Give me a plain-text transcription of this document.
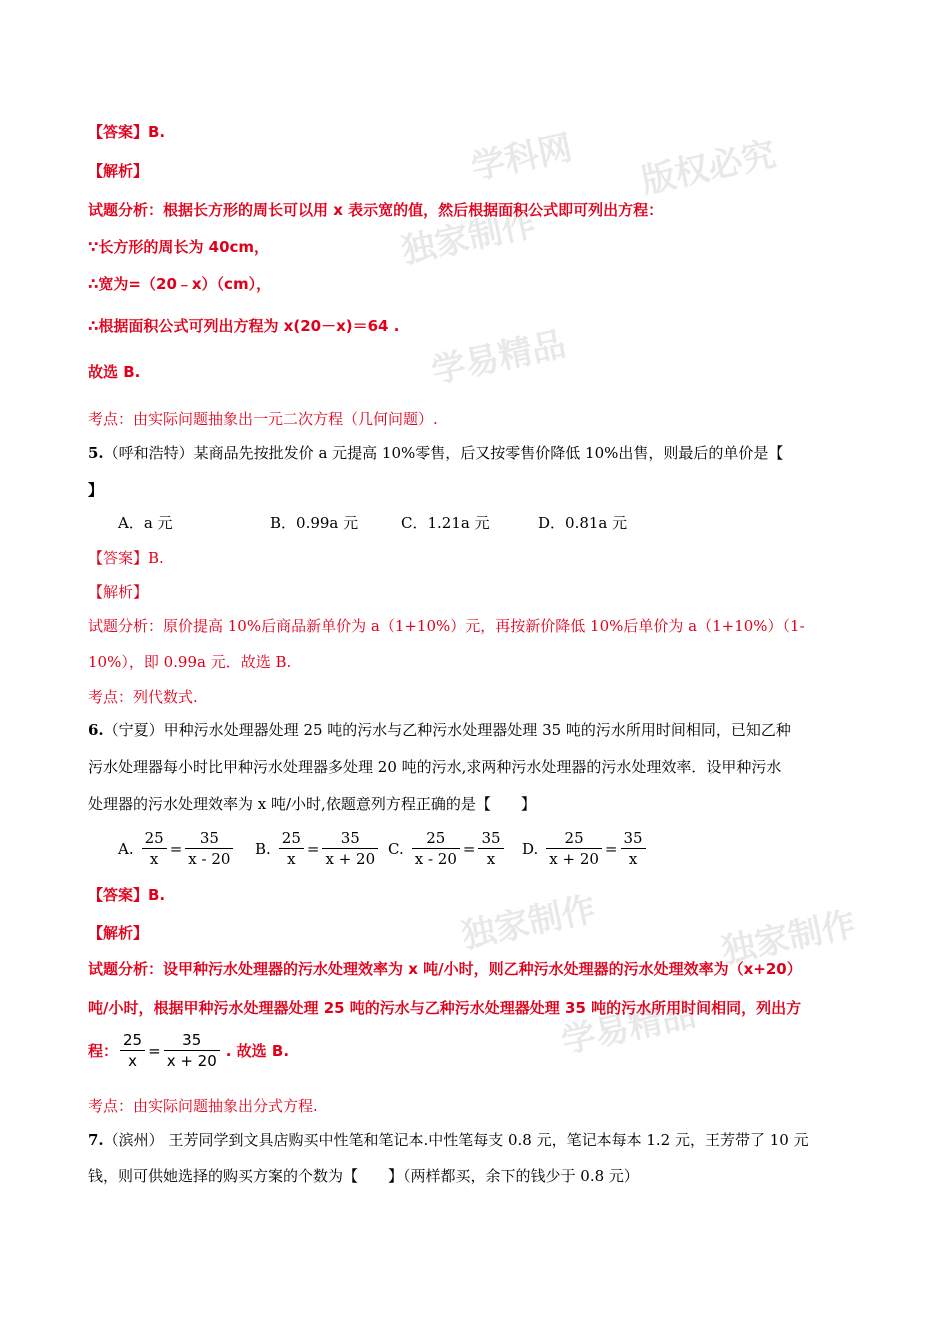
学科网 版权必究
独家制作
学易精品
独家制作	独家制作
学易精品
【答案】B.
【解析】
试题分析：根据长方形的周长可以用 x 表示宽的值，然后根据面积公式即可列出方程：
∵长方形的周长为 40cm，
∴宽为=（20﹣x）（cm），
∴根据面积公式可列出方程为 x(20－x)＝64 .
故选 B.
考点：由实际问题抽象出一元二次方程（几何问题）.
5.（呼和浩特）某商品先按批发价 a 元提高 10%零售，后又按零售价降低 10%出售，则最后的单价是【
】
A．a 元	B．0.99a 元	C．1.21a 元	D．0.81a 元
【答案】B.
【解析】
试题分析：原价提高 10%后商品新单价为 a（1+10%）元，再按新价降低 10%后单价为 a（1+10%）（1-
10%），即 0.99a 元．故选 B.
考点：列代数式.
6.（宁夏）甲种污水处理器处理 25 吨的污水与乙种污水处理器处理 35 吨的污水所用时间相同，已知乙种
污水处理器每小时比甲种污水处理器多处理 20 吨的污水,求两种污水处理器的污水处理效率．设甲种污水
处理器的污水处理效率为 x 吨/小时,依题意列方程正确的是【　　】
A. $\frac{25}{x} = \frac{35}{x - 20} B$. $\frac{25}{x} = \frac{35}{x + 20} C$. $\frac{25}{x - 20} = \frac{35}{x} D$. $\frac{25}{x + 20} = \frac{35}{x}$
【答案】B.
【解析】
试题分析：设甲种污水处理器的污水处理效率为 x 吨/小时，则乙种污水处理器的污水处理效率为（x+20）
吨/小时，根据甲种污水处理器处理 25 吨的污水与乙种污水处理器处理 35 吨的污水所用时间相同，列出方
程： $\frac{25}{x} = \frac{35}{x + 20}$ . 故选 B.
考点：由实际问题抽象出分式方程.
7.（滨州） 王芳同学到文具店购买中性笔和笔记本.中性笔每支 0.8 元，笔记本每本 1.2 元，王芳带了 10 元
钱，则可供她选择的购买方案的个数为【　　】（两样都买，余下的钱少于 0.8 元）
